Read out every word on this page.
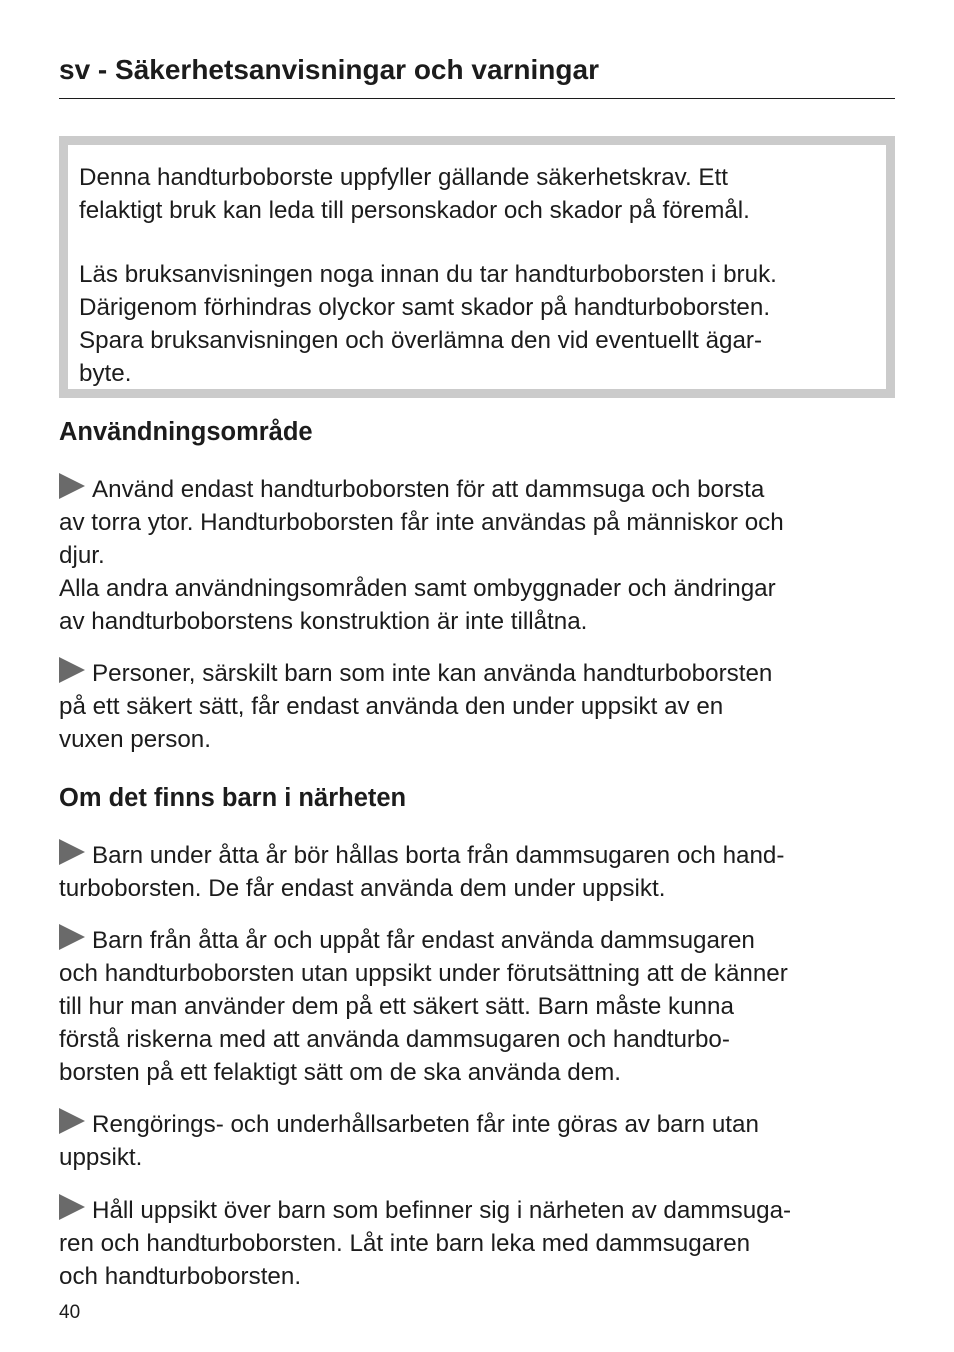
sv - Säkerhetsanvisningar och varningar

Denna handturboborste uppfyller gällande säkerhetskrav. Ett
felaktigt bruk kan leda till personskador och skador på föremål.

Läs bruksanvisningen noga innan du tar handturboborsten i bruk.
Därigenom förhindras olyckor samt skador på handturboborsten.
Spara bruksanvisningen och överlämna den vid eventuellt ägar-
byte.

Användningsområde

Använd endast handturboborsten för att dammsuga och borsta
av torra ytor. Handturboborsten får inte användas på människor och
djur.
Alla andra användningsområden samt ombyggnader och ändringar
av handturboborstens konstruktion är inte tillåtna.

Personer, särskilt barn som inte kan använda handturboborsten
på ett säkert sätt, får endast använda den under uppsikt av en
vuxen person.

Om det finns barn i närheten

Barn under åtta år bör hållas borta från dammsugaren och hand-
turboborsten. De får endast använda dem under uppsikt.

Barn från åtta år och uppåt får endast använda dammsugaren
och handturboborsten utan uppsikt under förutsättning att de känner
till hur man använder dem på ett säkert sätt. Barn måste kunna
förstå riskerna med att använda dammsugaren och handturbo-
borsten på ett felaktigt sätt om de ska använda dem.

Rengörings- och underhållsarbeten får inte göras av barn utan
uppsikt.

Håll uppsikt över barn som befinner sig i närheten av dammsuga-
ren och handturboborsten. Låt inte barn leka med dammsugaren
och handturboborsten.

40
